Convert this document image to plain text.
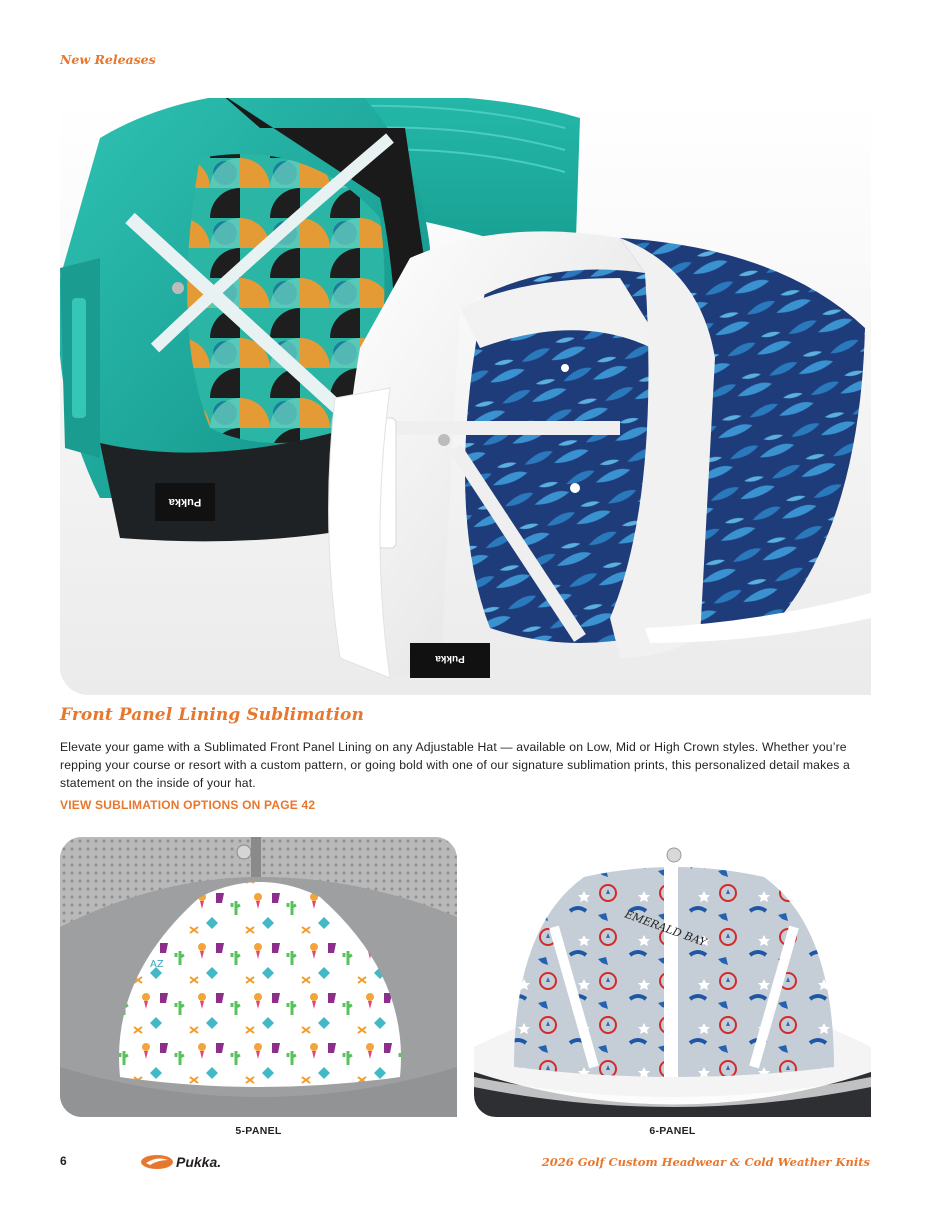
New Releases
Pukka
Pukka
Front Panel Lining Sublimation

Elevate your game with a Sublimated Front Panel Lining on any Adjustable Hat — available on Low, Mid or High Crown styles. Whether you’re repping your course or resort with a custom pattern, or going bold with one of our signature sublimation prints, this personalized detail makes a statement on the inside of your hat.

VIEW SUBLIMATION OPTIONS ON PAGE 42
AZ
EMERALD BAY
5-PANEL	6-PANEL
6	Pukka.	2026 Golf Custom Headwear & Cold Weather Knits
